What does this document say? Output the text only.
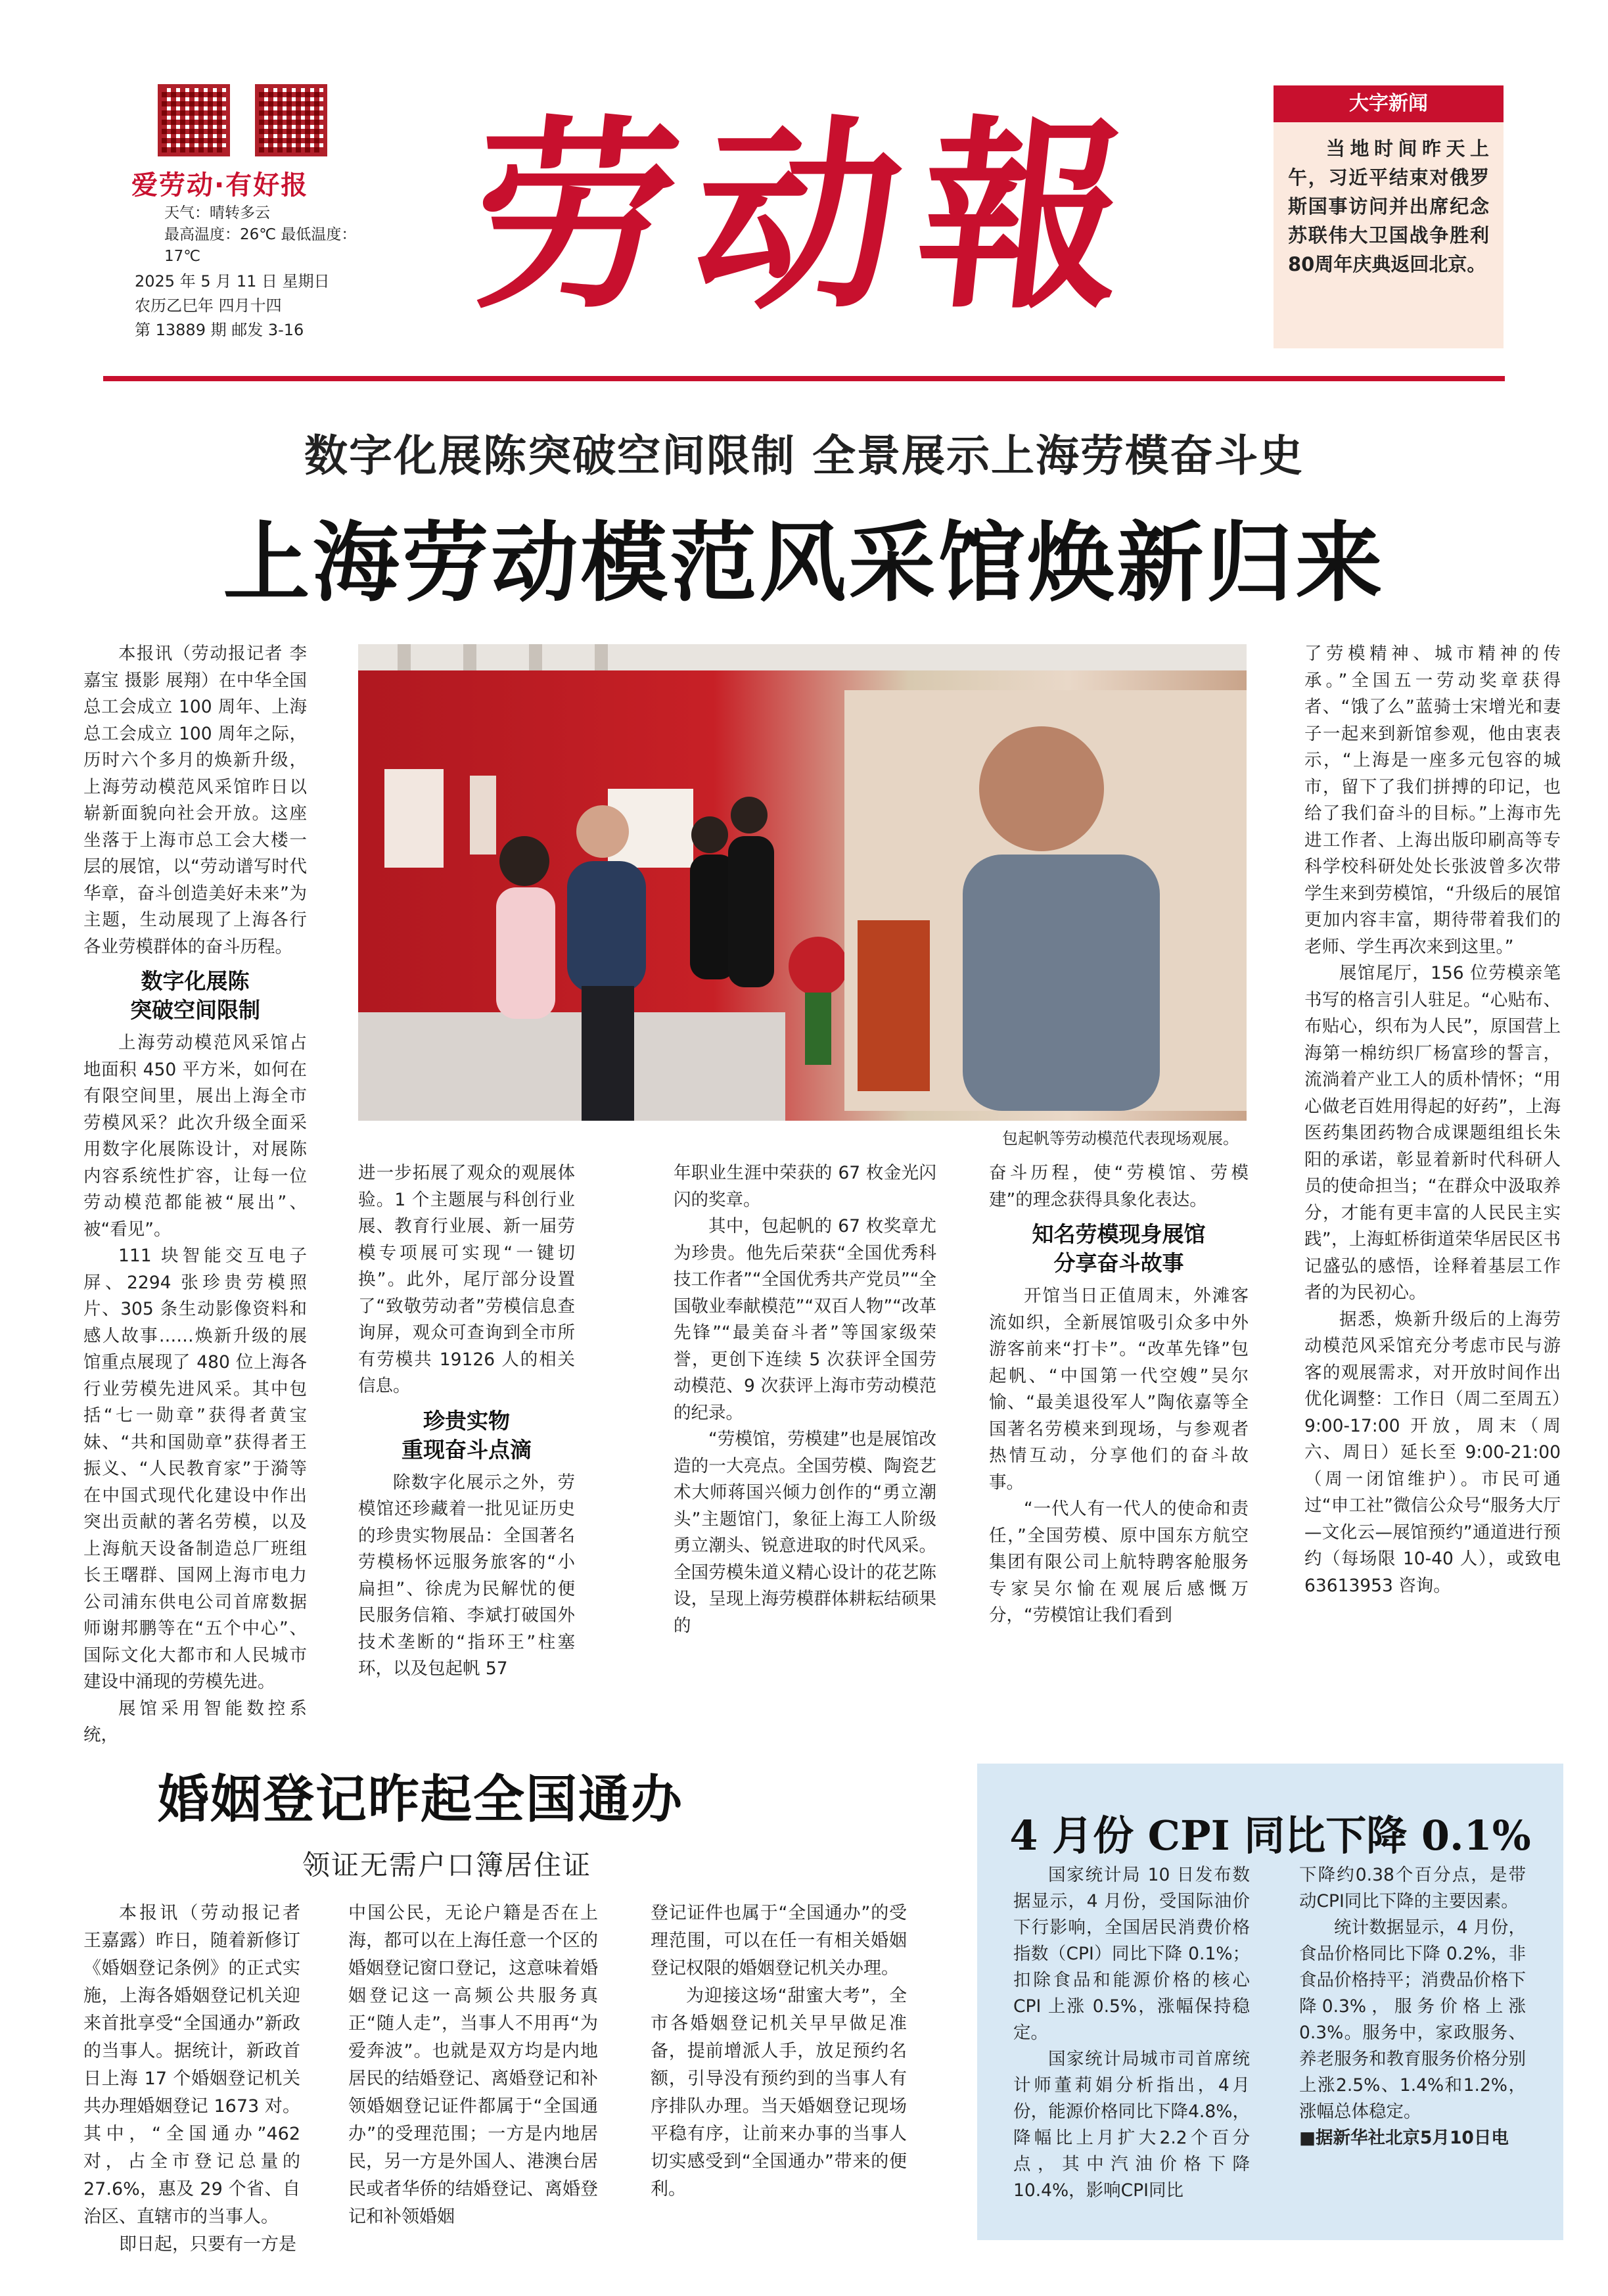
爱劳动·有好报
天气：晴转多云
最高温度：26℃ 最低温度：17℃
2025 年 5 月 11 日 星期日
农历乙巳年 四月十四
第 13889 期 邮发 3-16 劳动報	大字新闻
当地时间昨天上午，习近平结束对俄罗斯国事访问并出席纪念苏联伟大卫国战争胜利80周年庆典返回北京。
数字化展陈突破空间限制 全景展示上海劳模奋斗史
上海劳动模范风采馆焕新归来

本报讯（劳动报记者 李嘉宝 摄影 展翔）在中华全国总工会成立 100 周年、上海总工会成立 100 周年之际，历时六个多月的焕新升级，上海劳动模范风采馆昨日以崭新面貌向社会开放。这座坐落于上海市总工会大楼一层的展馆，以“劳动谱写时代华章，奋斗创造美好未来”为主题，生动展现了上海各行各业劳模群体的奋斗历程。

数字化展陈
突破空间限制

上海劳动模范风采馆占地面积 450 平方米，如何在有限空间里，展出上海全市劳模风采？此次升级全面采用数字化展陈设计，对展陈内容系统性扩容，让每一位劳动模范都能被“展出”、被“看见”。

111 块智能交互电子屏、2294 张珍贵劳模照片、305 条生动影像资料和感人故事……焕新升级的展馆重点展现了 480 位上海各行业劳模先进风采。其中包括“七一勋章”获得者黄宝妹、“共和国勋章”获得者王振义、“人民教育家”于漪等在中国式现代化建设中作出突出贡献的著名劳模，以及上海航天设备制造总厂班组长王曙群、国网上海市电力公司浦东供电公司首席数据师谢邦鹏等在“五个中心”、国际文化大都市和人民城市建设中涌现的劳模先进。

展馆采用智能数控系统，

包起帆等劳动模范代表现场观展。

进一步拓展了观众的观展体验。1 个主题展与科创行业展、教育行业展、新一届劳模专项展可实现“一键切换”。此外，尾厅部分设置了“致敬劳动者”劳模信息查询屏，观众可查询到全市所有劳模共 19126 人的相关信息。

珍贵实物
重现奋斗点滴

除数字化展示之外，劳模馆还珍藏着一批见证历史的珍贵实物展品：全国著名劳模杨怀远服务旅客的“小扁担”、徐虎为民解忧的便民服务信箱、李斌打破国外技术垄断的“指环王”柱塞环，以及包起帆 57

年职业生涯中荣获的 67 枚金光闪闪的奖章。

其中，包起帆的 67 枚奖章尤为珍贵。他先后荣获“全国优秀科技工作者”“全国优秀共产党员”“全国敬业奉献模范”“双百人物”“改革先锋”“最美奋斗者”等国家级荣誉，更创下连续 5 次获评全国劳动模范、9 次获评上海市劳动模范的纪录。

“劳模馆，劳模建”也是展馆改造的一大亮点。全国劳模、陶瓷艺术大师蒋国兴倾力创作的“勇立潮头”主题馆门，象征上海工人阶级勇立潮头、锐意进取的时代风采。全国劳模朱道义精心设计的花艺陈设，呈现上海劳模群体耕耘结硕果的

奋斗历程，使“劳模馆、劳模建”的理念获得具象化表达。

知名劳模现身展馆
分享奋斗故事

开馆当日正值周末，外滩客流如织，全新展馆吸引众多中外游客前来“打卡”。“改革先锋”包起帆、“中国第一代空嫂”吴尔愉、“最美退役军人”陶依嘉等全国著名劳模来到现场，与参观者热情互动，分享他们的奋斗故事。

“一代人有一代人的使命和责任，”全国劳模、原中国东方航空集团有限公司上航特聘客舱服务专家吴尔愉在观展后感慨万分，“劳模馆让我们看到

了劳模精神、城市精神的传承。”全国五一劳动奖章获得者、“饿了么”蓝骑士宋增光和妻子一起来到新馆参观，他由衷表示，“上海是一座多元包容的城市，留下了我们拼搏的印记，也给了我们奋斗的目标。”上海市先进工作者、上海出版印刷高等专科学校科研处处长张波曾多次带学生来到劳模馆，“升级后的展馆更加内容丰富，期待带着我们的老师、学生再次来到这里。”

展馆尾厅，156 位劳模亲笔书写的格言引人驻足。“心贴布、布贴心，织布为人民”，原国营上海第一棉纺织厂杨富珍的誓言，流淌着产业工人的质朴情怀；“用心做老百姓用得起的好药”，上海医药集团药物合成课题组组长朱阳的承诺，彰显着新时代科研人员的使命担当；“在群众中汲取养分，才能有更丰富的人民民主实践”，上海虹桥街道荣华居民区书记盛弘的感悟，诠释着基层工作者的为民初心。

据悉，焕新升级后的上海劳动模范风采馆充分考虑市民与游客的观展需求，对开放时间作出优化调整：工作日（周二至周五）9:00-17:00 开放，周末（周六、周日）延长至 9:00-21:00（周一闭馆维护）。市民可通过“申工社”微信公众号“服务大厅—文化云—展馆预约”通道进行预约（每场限 10-40 人），或致电 63613953 咨询。

婚姻登记昨起全国通办
领证无需户口簿居住证

本报讯（劳动报记者 王嘉露）昨日，随着新修订《婚姻登记条例》的正式实施，上海各婚姻登记机关迎来首批享受“全国通办”新政的当事人。据统计，新政首日上海 17 个婚姻登记机关共办理婚姻登记 1673 对。其中，“全国通办”462 对，占全市登记总量的 27.6%，惠及 29 个省、自治区、直辖市的当事人。

即日起，只要有一方是

中国公民，无论户籍是否在上海，都可以在上海任意一个区的婚姻登记窗口登记，这意味着婚姻登记这一高频公共服务真正“随人走”，当事人不用再“为爱奔波”。也就是双方均是内地居民的结婚登记、离婚登记和补领婚姻登记证件都属于“全国通办”的受理范围；一方是内地居民，另一方是外国人、港澳台居民或者华侨的结婚登记、离婚登记和补领婚姻

登记证件也属于“全国通办”的受理范围，可以在任一有相关婚姻登记权限的婚姻登记机关办理。

为迎接这场“甜蜜大考”，全市各婚姻登记机关早早做足准备，提前增派人手，放足预约名额，引导没有预约到的当事人有序排队办理。当天婚姻登记现场平稳有序，让前来办事的当事人切实感受到“全国通办”带来的便利。

4 月份 CPI 同比下降 0.1%

国家统计局 10 日发布数据显示，4 月份，受国际油价下行影响，全国居民消费价格指数（CPI）同比下降 0.1%；扣除食品和能源价格的核心 CPI 上涨 0.5%，涨幅保持稳定。

国家统计局城市司首席统计师董莉娟分析指出，4月份，能源价格同比下降4.8%，降幅比上月扩大2.2个百分点，其中汽油价格下降10.4%，影响CPI同比

下降约0.38个百分点，是带动CPI同比下降的主要因素。

统计数据显示，4 月份，食品价格同比下降 0.2%，非食品价格持平；消费品价格下降0.3%，服务价格上涨0.3%。服务中，家政服务、养老服务和教育服务价格分别上涨2.5%、1.4%和1.2%，涨幅总体稳定。

■据新华社北京5月10日电
